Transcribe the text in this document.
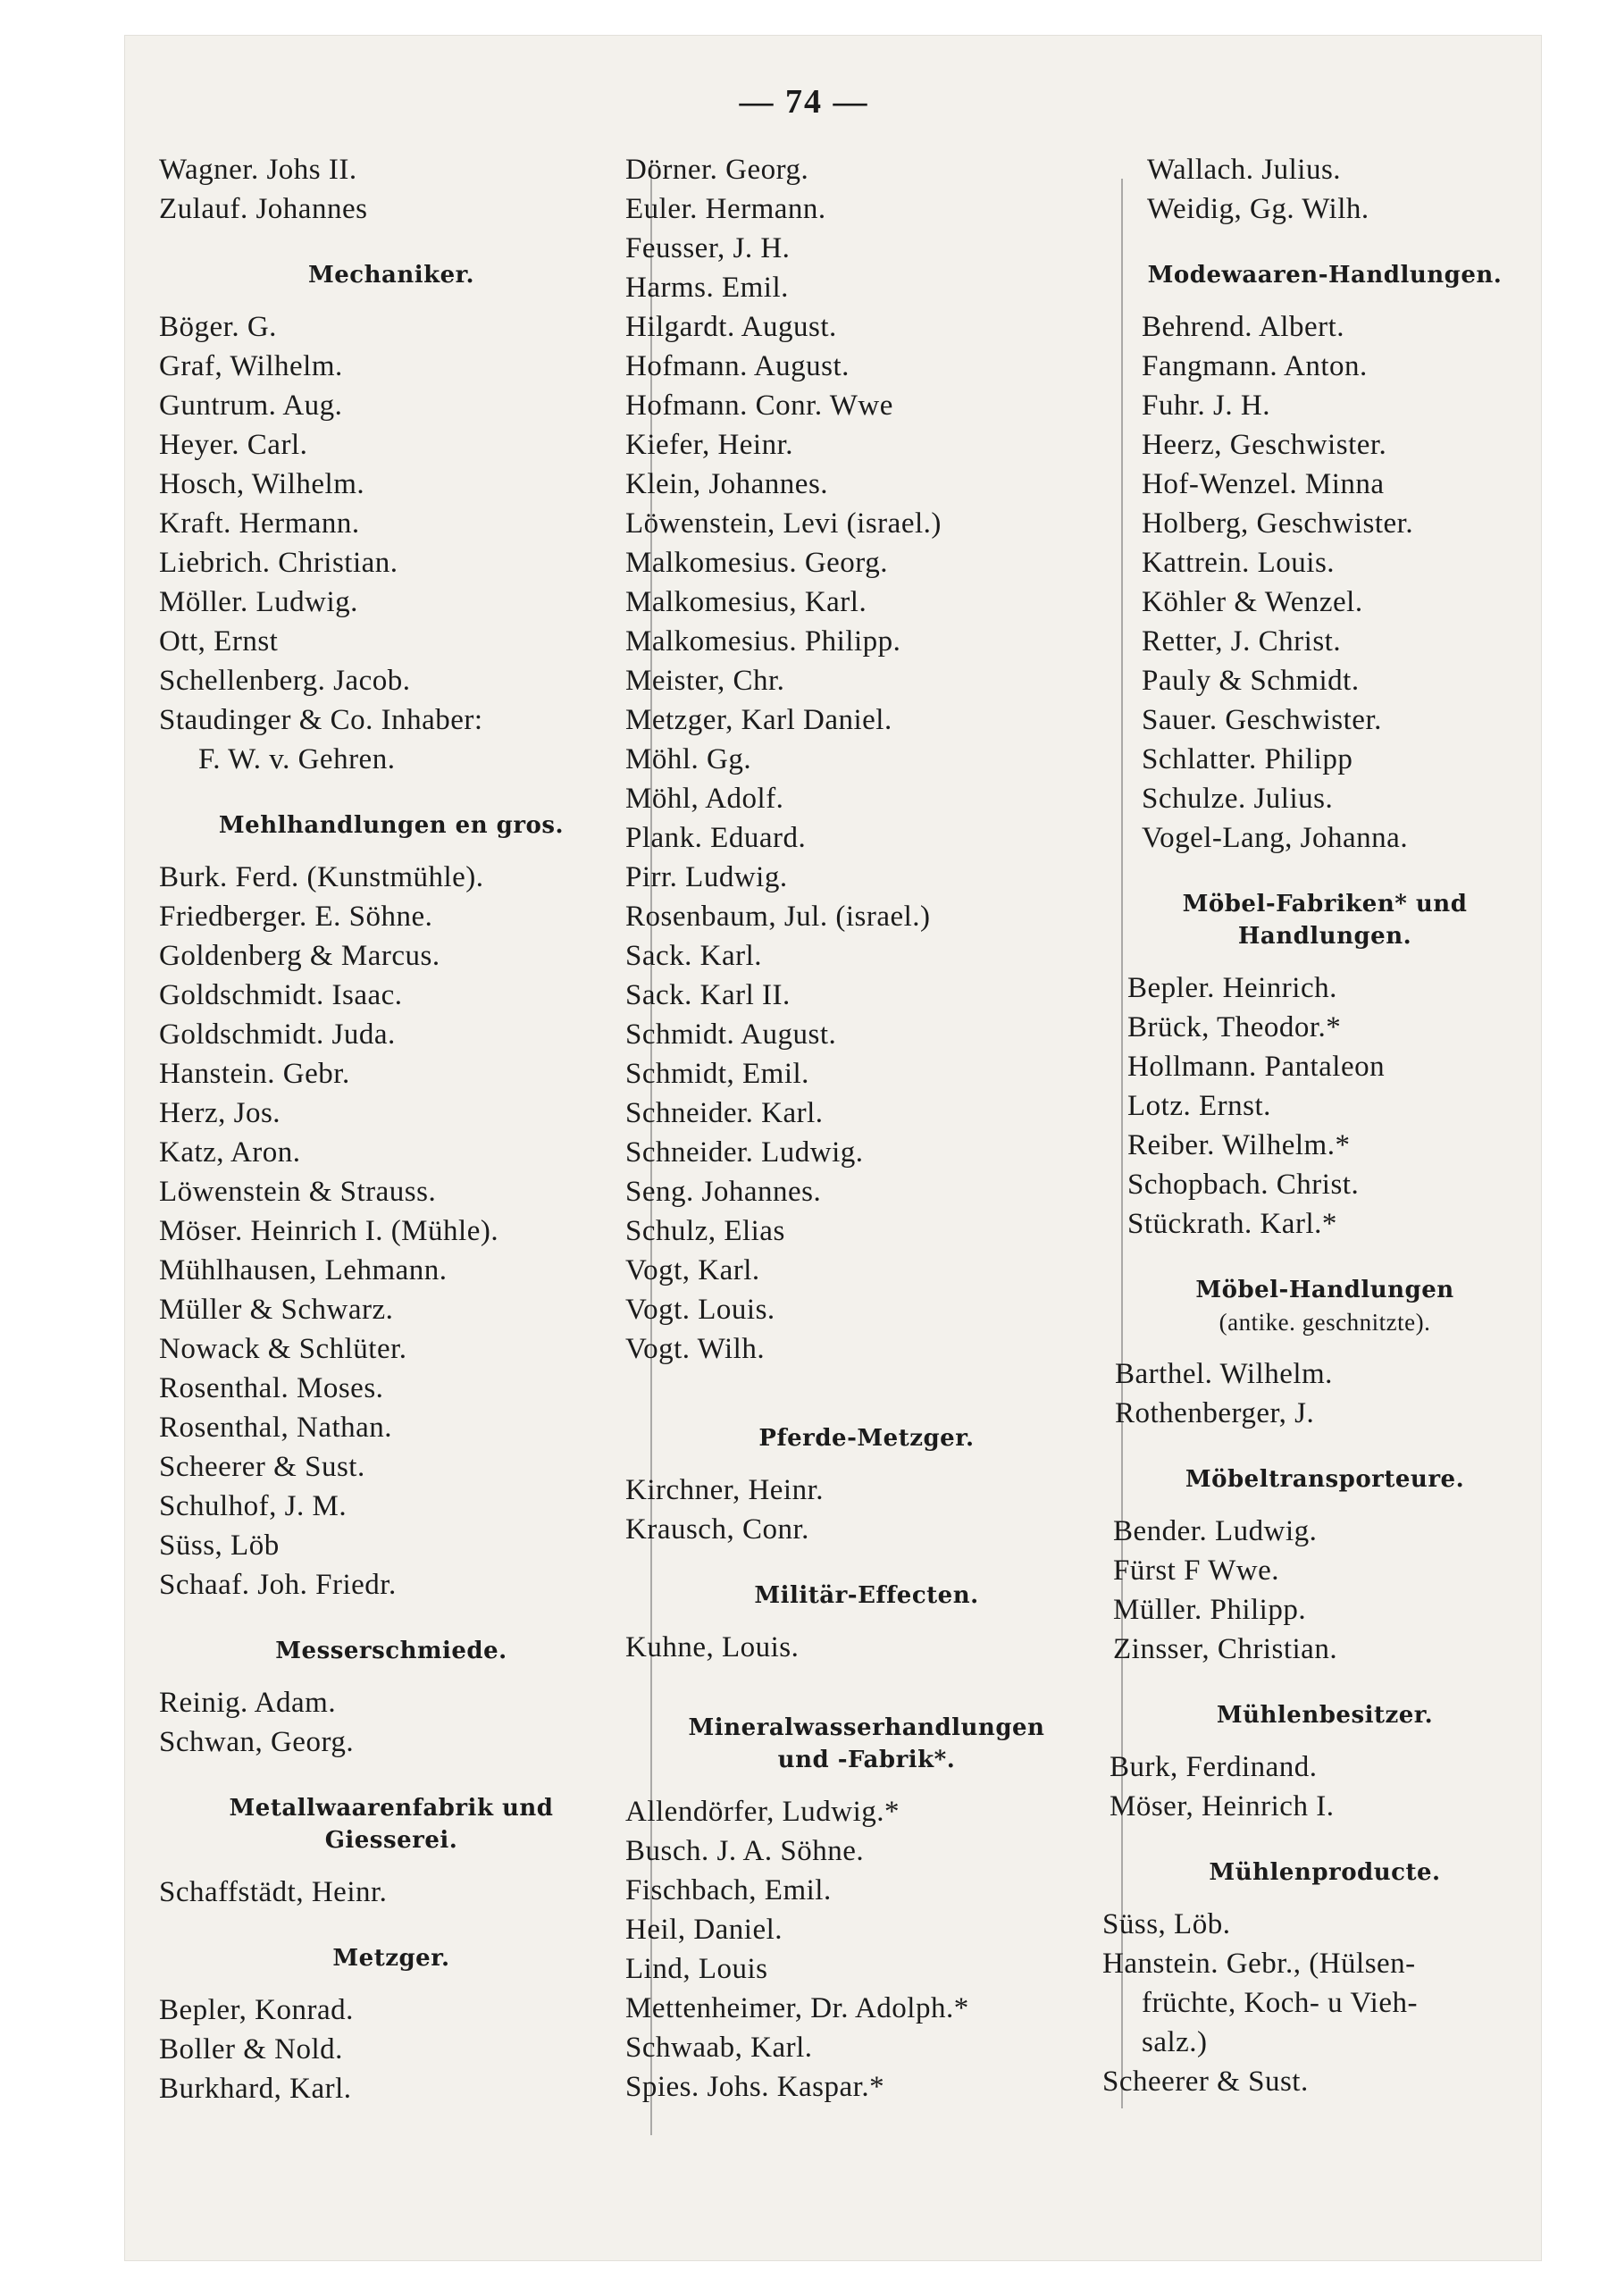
— 74 —
Wagner. Johs II.
Zulauf. Johannes
Mechaniker.
Böger. G.
Graf, Wilhelm.
Guntrum. Aug.
Heyer. Carl.
Hosch, Wilhelm.
Kraft. Hermann.
Liebrich. Christian.
Möller. Ludwig.
Ott, Ernst
Schellenberg. Jacob.
Staudinger & Co. Inhaber:
F. W. v. Gehren.
Mehlhandlungen en gros.
Burk. Ferd. (Kunstmühle).
Friedberger. E. Söhne.
Goldenberg & Marcus.
Goldschmidt. Isaac.
Goldschmidt. Juda.
Hanstein. Gebr.
Herz, Jos.
Katz, Aron.
Löwenstein & Strauss.
Möser. Heinrich I. (Mühle).
Mühlhausen, Lehmann.
Müller & Schwarz.
Nowack & Schlüter.
Rosenthal. Moses.
Rosenthal, Nathan.
Scheerer & Sust.
Schulhof, J. M.
Süss, Löb
Schaaf. Joh. Friedr.
Messerschmiede.
Reinig. Adam.
Schwan, Georg.
Metallwaarenfabrik und
Giesserei.
Schaffstädt, Heinr.
Metzger.
Bepler, Konrad.
Boller & Nold.
Burkhard, Karl.
Dörner. Georg.
Euler. Hermann.
Feusser, J. H.
Harms. Emil.
Hilgardt. August.
Hofmann. August.
Hofmann. Conr. Wwe
Kiefer, Heinr.
Klein, Johannes.
Löwenstein, Levi (israel.)
Malkomesius. Georg.
Malkomesius, Karl.
Malkomesius. Philipp.
Meister, Chr.
Metzger, Karl Daniel.
Möhl. Gg.
Möhl, Adolf.
Plank. Eduard.
Pirr. Ludwig.
Rosenbaum, Jul. (israel.)
Sack. Karl.
Sack. Karl II.
Schmidt. August.
Schmidt, Emil.
Schneider. Karl.
Schneider. Ludwig.
Seng. Johannes.
Schulz, Elias
Vogt, Karl.
Vogt. Louis.
Vogt. Wilh.
Pferde-Metzger.
Kirchner, Heinr.
Krausch, Conr.
Militär-Effecten.
Kuhne, Louis.
Mineralwasserhandlungen
und -Fabrik*.
Allendörfer, Ludwig.*
Busch. J. A. Söhne.
Fischbach, Emil.
Heil, Daniel.
Lind, Louis
Mettenheimer, Dr. Adolph.*
Schwaab, Karl.
Spies. Johs. Kaspar.*
Wallach. Julius.
Weidig, Gg. Wilh.
Modewaaren-Handlungen.
Behrend. Albert.
Fangmann. Anton.
Fuhr. J. H.
Heerz, Geschwister.
Hof-Wenzel. Minna
Holberg, Geschwister.
Kattrein. Louis.
Köhler & Wenzel.
Retter, J. Christ.
Pauly & Schmidt.
Sauer. Geschwister.
Schlatter. Philipp
Schulze. Julius.
Vogel-Lang, Johanna.
Möbel-Fabriken* und
Handlungen.
Bepler. Heinrich.
Brück, Theodor.*
Hollmann. Pantaleon
Lotz. Ernst.
Reiber. Wilhelm.*
Schopbach. Christ.
Stückrath. Karl.*
Möbel-Handlungen
(antike. geschnitzte).
Barthel. Wilhelm.
Rothenberger, J.
Möbeltransporteure.
Bender. Ludwig.
Fürst F Wwe.
Müller. Philipp.
Zinsser, Christian.
Mühlenbesitzer.
Burk, Ferdinand.
Möser, Heinrich I.
Mühlenproducte.
Süss, Löb.
Hanstein. Gebr., (Hülsen-
früchte, Koch- u Vieh-
salz.)
Scheerer & Sust.
